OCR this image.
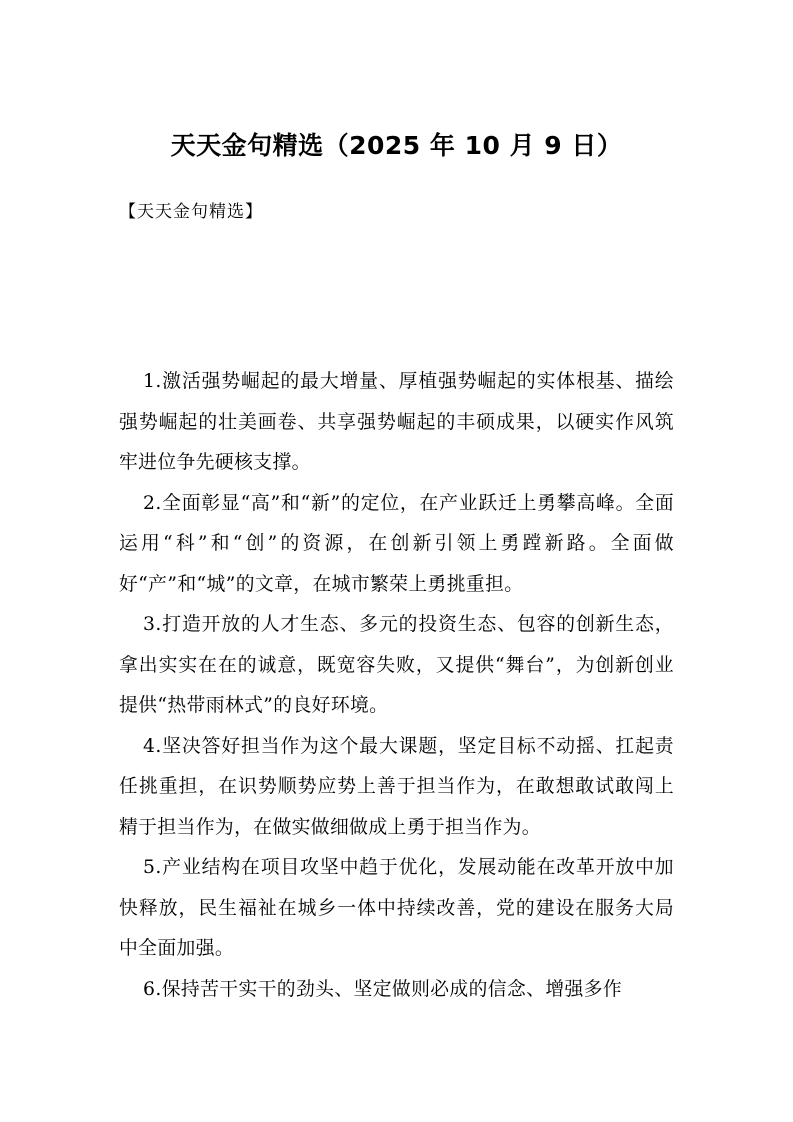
天天金句精选（2025 年 10 月 9 日）
【天天金句精选】

1.激活强势崛起的最大增量、厚植强势崛起的实体根基、描绘强势崛起的壮美画卷、共享强势崛起的丰硕成果，以硬实作风筑牢进位争先硬核支撑。

2.全面彰显“高”和“新”的定位，在产业跃迁上勇攀高峰。全面运用“科”和“创”的资源，在创新引领上勇蹚新路。全面做好“产”和“城”的文章，在城市繁荣上勇挑重担。

3.打造开放的人才生态、多元的投资生态、包容的创新生态，拿出实实在在的诚意，既宽容失败，又提供“舞台”，为创新创业提供“热带雨林式”的良好环境。

4.坚决答好担当作为这个最大课题，坚定目标不动摇、扛起责任挑重担，在识势顺势应势上善于担当作为，在敢想敢试敢闯上精于担当作为，在做实做细做成上勇于担当作为。

5.产业结构在项目攻坚中趋于优化，发展动能在改革开放中加快释放，民生福祉在城乡一体中持续改善，党的建设在服务大局中全面加强。

6.保持苦干实干的劲头、坚定做则必成的信念、增强多作
